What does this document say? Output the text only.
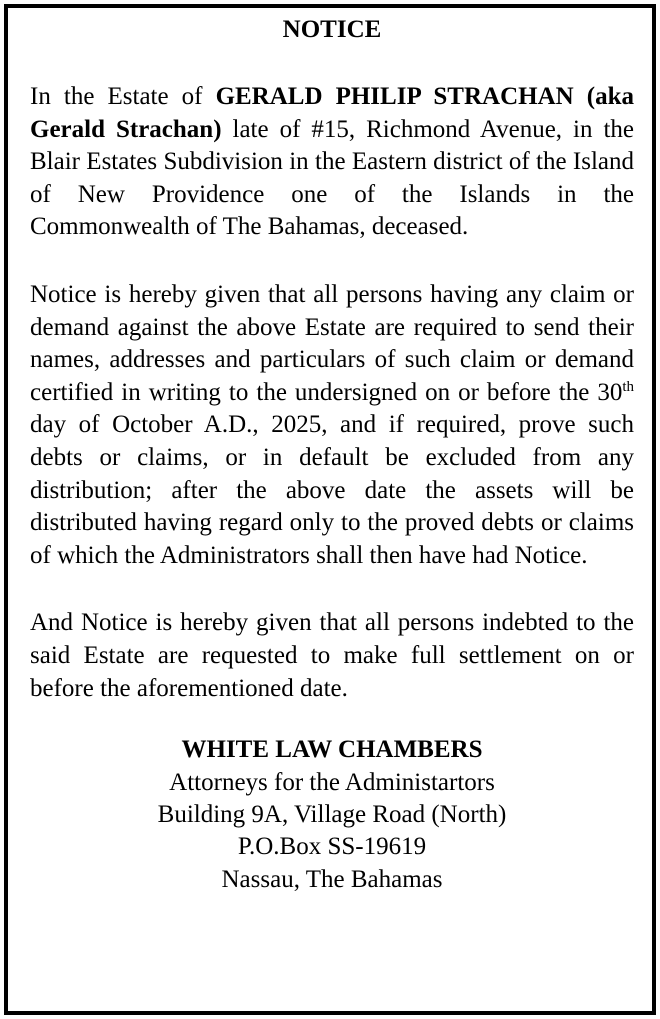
NOTICE

In the Estate of GERALD PHILIP STRACHAN (aka Gerald Strachan) late of #15, Richmond Avenue, in the Blair Estates Subdivision in the Eastern district of the Island of New Providence one of the Islands in the Commonwealth of The Bahamas, deceased.

Notice is hereby given that all persons having any claim or demand against the above Estate are required to send their names, addresses and particulars of such claim or demand certified in writing to the undersigned on or before the 30th day of October A.D., 2025, and if required, prove such debts or claims, or in default be excluded from any distribution; after the above date the assets will be distributed having regard only to the proved debts or claims of which the Administrators shall then have had Notice.

And Notice is hereby given that all persons indebted to the said Estate are requested to make full settlement on or before the aforementioned date.

WHITE LAW CHAMBERS
Attorneys for the Administartors
Building 9A, Village Road (North)
P.O.Box SS-19619
Nassau, The Bahamas
